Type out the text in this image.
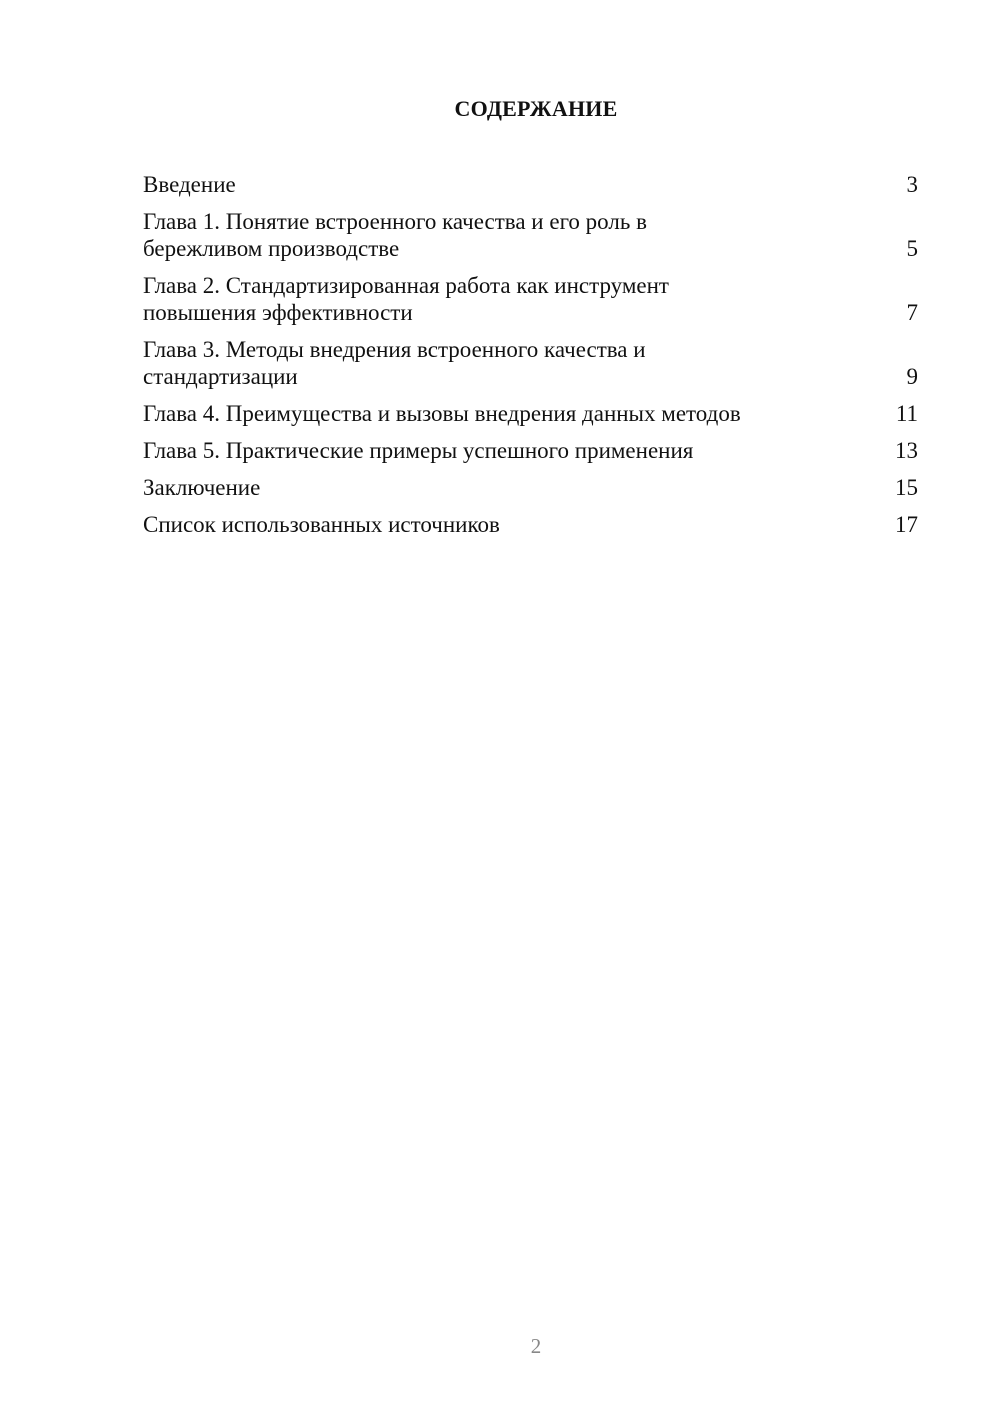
СОДЕРЖАНИЕ
Введение	3
Глава 1. Понятие встроенного качества и его роль в
бережливом производстве	5
Глава 2. Стандартизированная работа как инструмент
повышения эффективности	7
Глава 3. Методы внедрения встроенного качества и
стандартизации	9
Глава 4. Преимущества и вызовы внедрения данных методов	11
Глава 5. Практические примеры успешного применения	13
Заключение	15
Список использованных источников	17
2
